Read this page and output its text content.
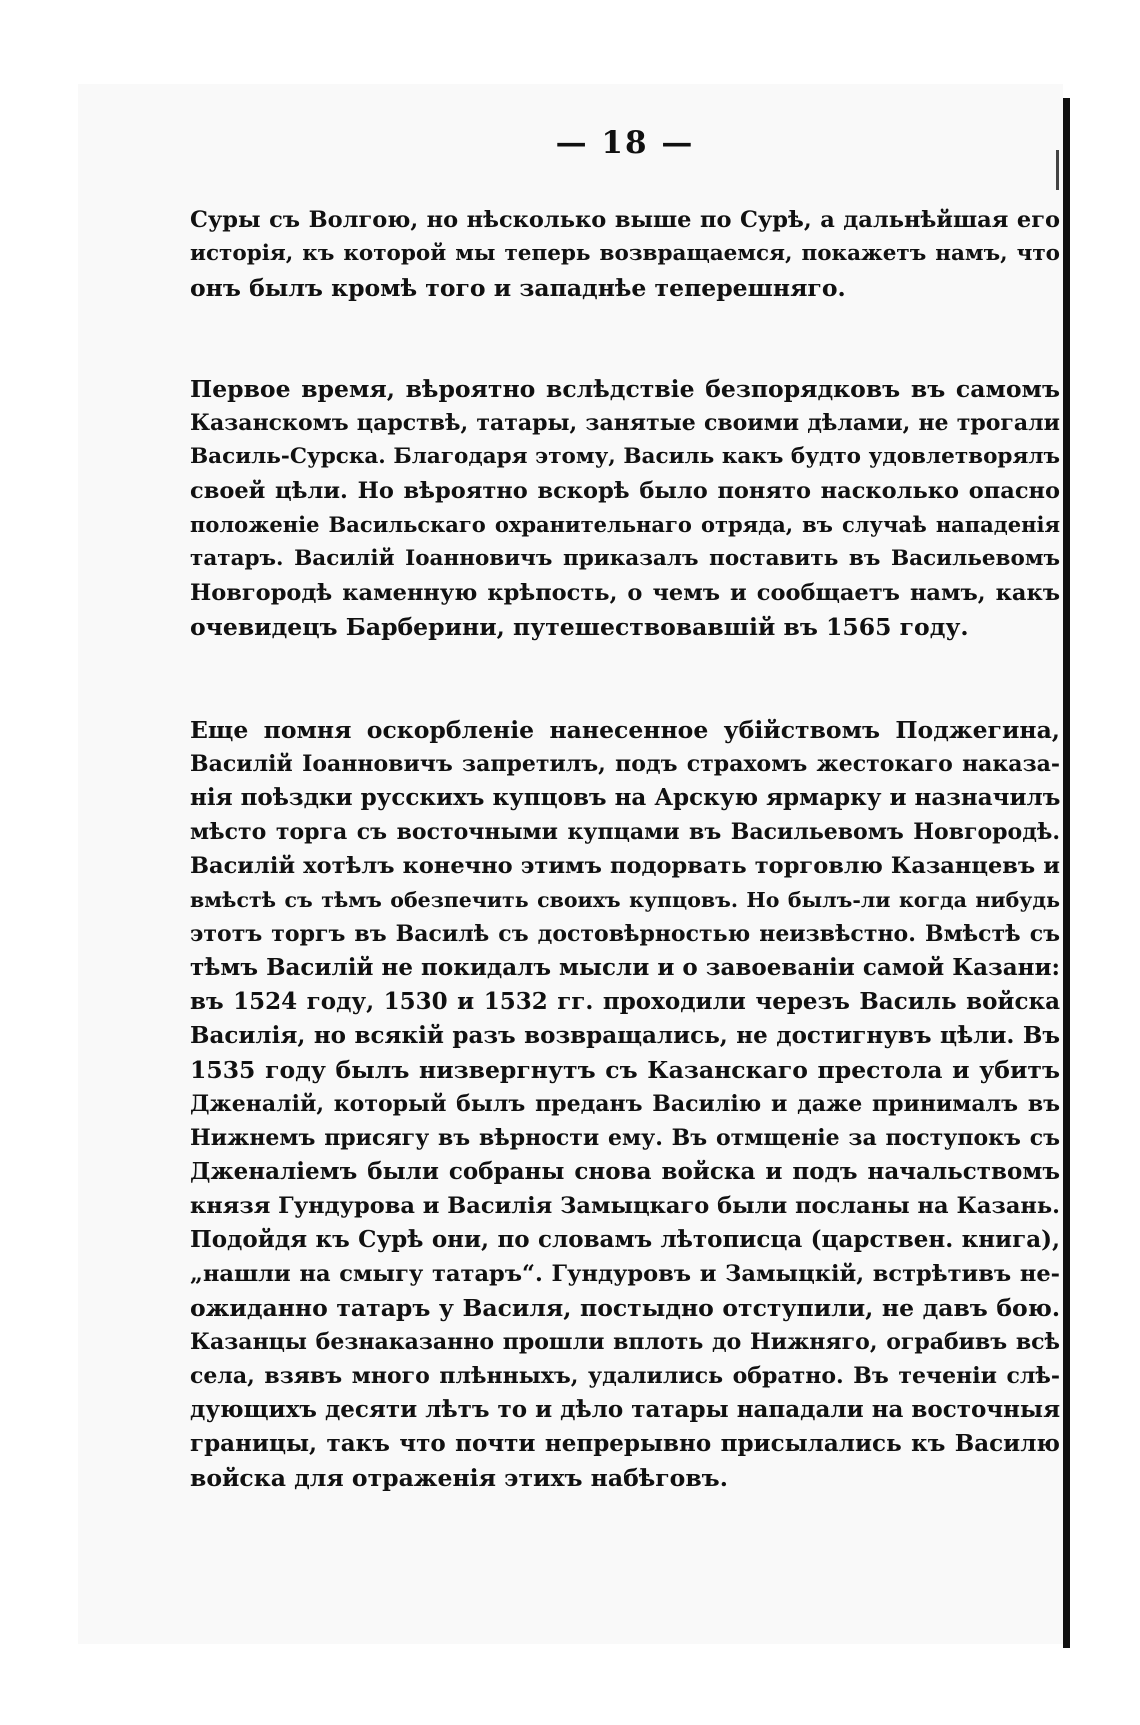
— 18 —
Суры съ Волгою, но нѣсколько выше по Сурѣ, а дальнѣйшая его
исторія, къ которой мы теперь возвращаемся, покажетъ намъ, что
онъ былъ кромѣ того и западнѣе теперешняго.
Первое время, вѣроятно вслѣдствіе безпорядковъ въ самомъ
Казанскомъ царствѣ, татары, занятые своими дѣлами, не трогали
Василь-Сурска. Благодаря этому, Василь какъ будто удовлетворялъ
своей цѣли. Но вѣроятно вскорѣ было понято насколько опасно
положеніе Васильскаго охранительнаго отряда, въ случаѣ нападенія
татаръ. Василій Іоанновичъ приказалъ поставить въ Васильевомъ
Новгородѣ каменную крѣпость, о чемъ и сообщаетъ намъ, какъ
очевидецъ Барберини, путешествовавшій въ 1565 году.
Еще помня оскорбленіе нанесенное убійствомъ Поджегина,
Василій Іоанновичъ запретилъ, подъ страхомъ жестокаго наказа-
нія поѣздки русскихъ купцовъ на Арскую ярмарку и назначилъ
мѣсто торга съ восточными купцами въ Васильевомъ Новгородѣ.
Василій хотѣлъ конечно этимъ подорвать торговлю Казанцевъ и
вмѣстѣ съ тѣмъ обезпечить своихъ купцовъ. Но былъ-ли когда нибудь
этотъ торгъ въ Василѣ съ достовѣрностью неизвѣстно. Вмѣстѣ съ
тѣмъ Василій не покидалъ мысли и о завоеваніи самой Казани:
въ 1524 году, 1530 и 1532 гг. проходили черезъ Василь войска
Василія, но всякій разъ возвращались, не достигнувъ цѣли. Въ
1535 году былъ низвергнутъ съ Казанскаго престола и убитъ
Дженалій, который былъ преданъ Василію и даже принималъ въ
Нижнемъ присягу въ вѣрности ему. Въ отмщеніе за поступокъ съ
Дженаліемъ были собраны снова войска и подъ начальствомъ
князя Гундурова и Василія Замыцкаго были посланы на Казань.
Подойдя къ Сурѣ они, по словамъ лѣтописца (царствен. книга),
„нашли на смыгу татаръ“. Гундуровъ и Замыцкій, встрѣтивъ не-
ожиданно татаръ у Василя, постыдно отступили, не давъ бою.
Казанцы безнаказанно прошли вплоть до Нижняго, ограбивъ всѣ
села, взявъ много плѣнныхъ, удалились обратно. Въ теченіи слѣ-
дующихъ десяти лѣтъ то и дѣло татары нападали на восточныя
границы, такъ что почти непрерывно присылались къ Василю
войска для отраженія этихъ набѣговъ.
